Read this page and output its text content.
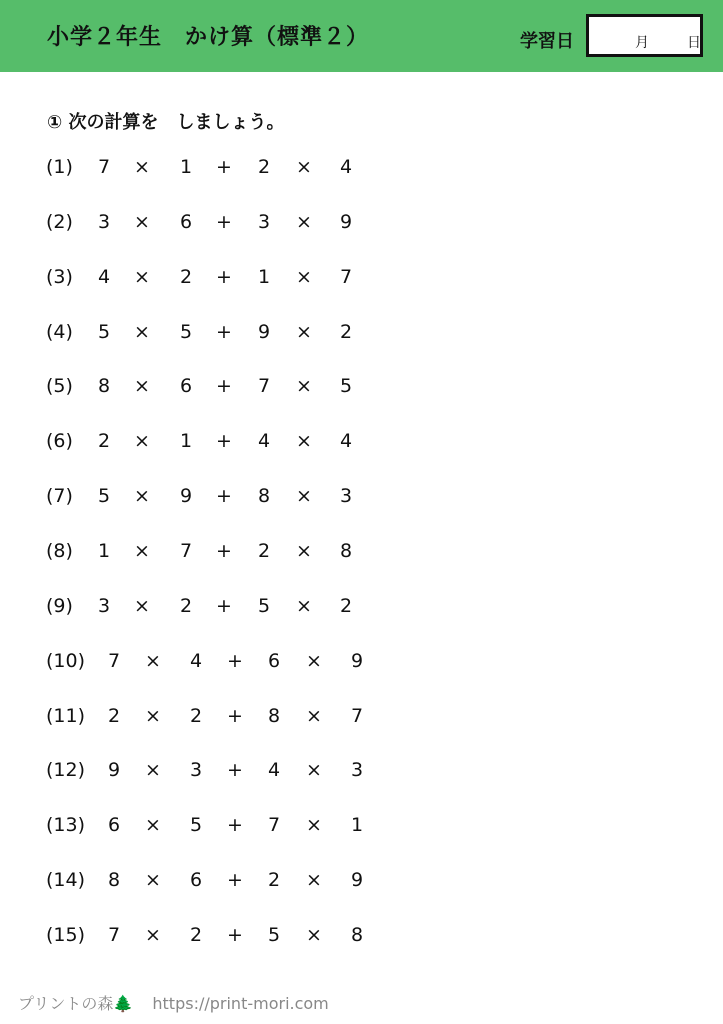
小学２年生　かけ算（標準２）	学習日	月	日
① 次の計算を　しましょう。
(1) 7 × 1 + 2 × 4
(2) 3 × 6 + 3 × 9
(3) 4 × 2 + 1 × 7
(4) 5 × 5 + 9 × 2
(5) 8 × 6 + 7 × 5
(6) 2 × 1 + 4 × 4
(7) 5 × 9 + 8 × 3
(8) 1 × 7 + 2 × 8
(9) 3 × 2 + 5 × 2
(10) 7 × 4 + 6 × 9
(11) 2 × 2 + 8 × 7
(12) 9 × 3 + 4 × 3
(13) 6 × 5 + 7 × 1
(14) 8 × 6 + 2 × 9
(15) 7 × 2 + 5 × 8
プリントの森🌲 https://print-mori.com
